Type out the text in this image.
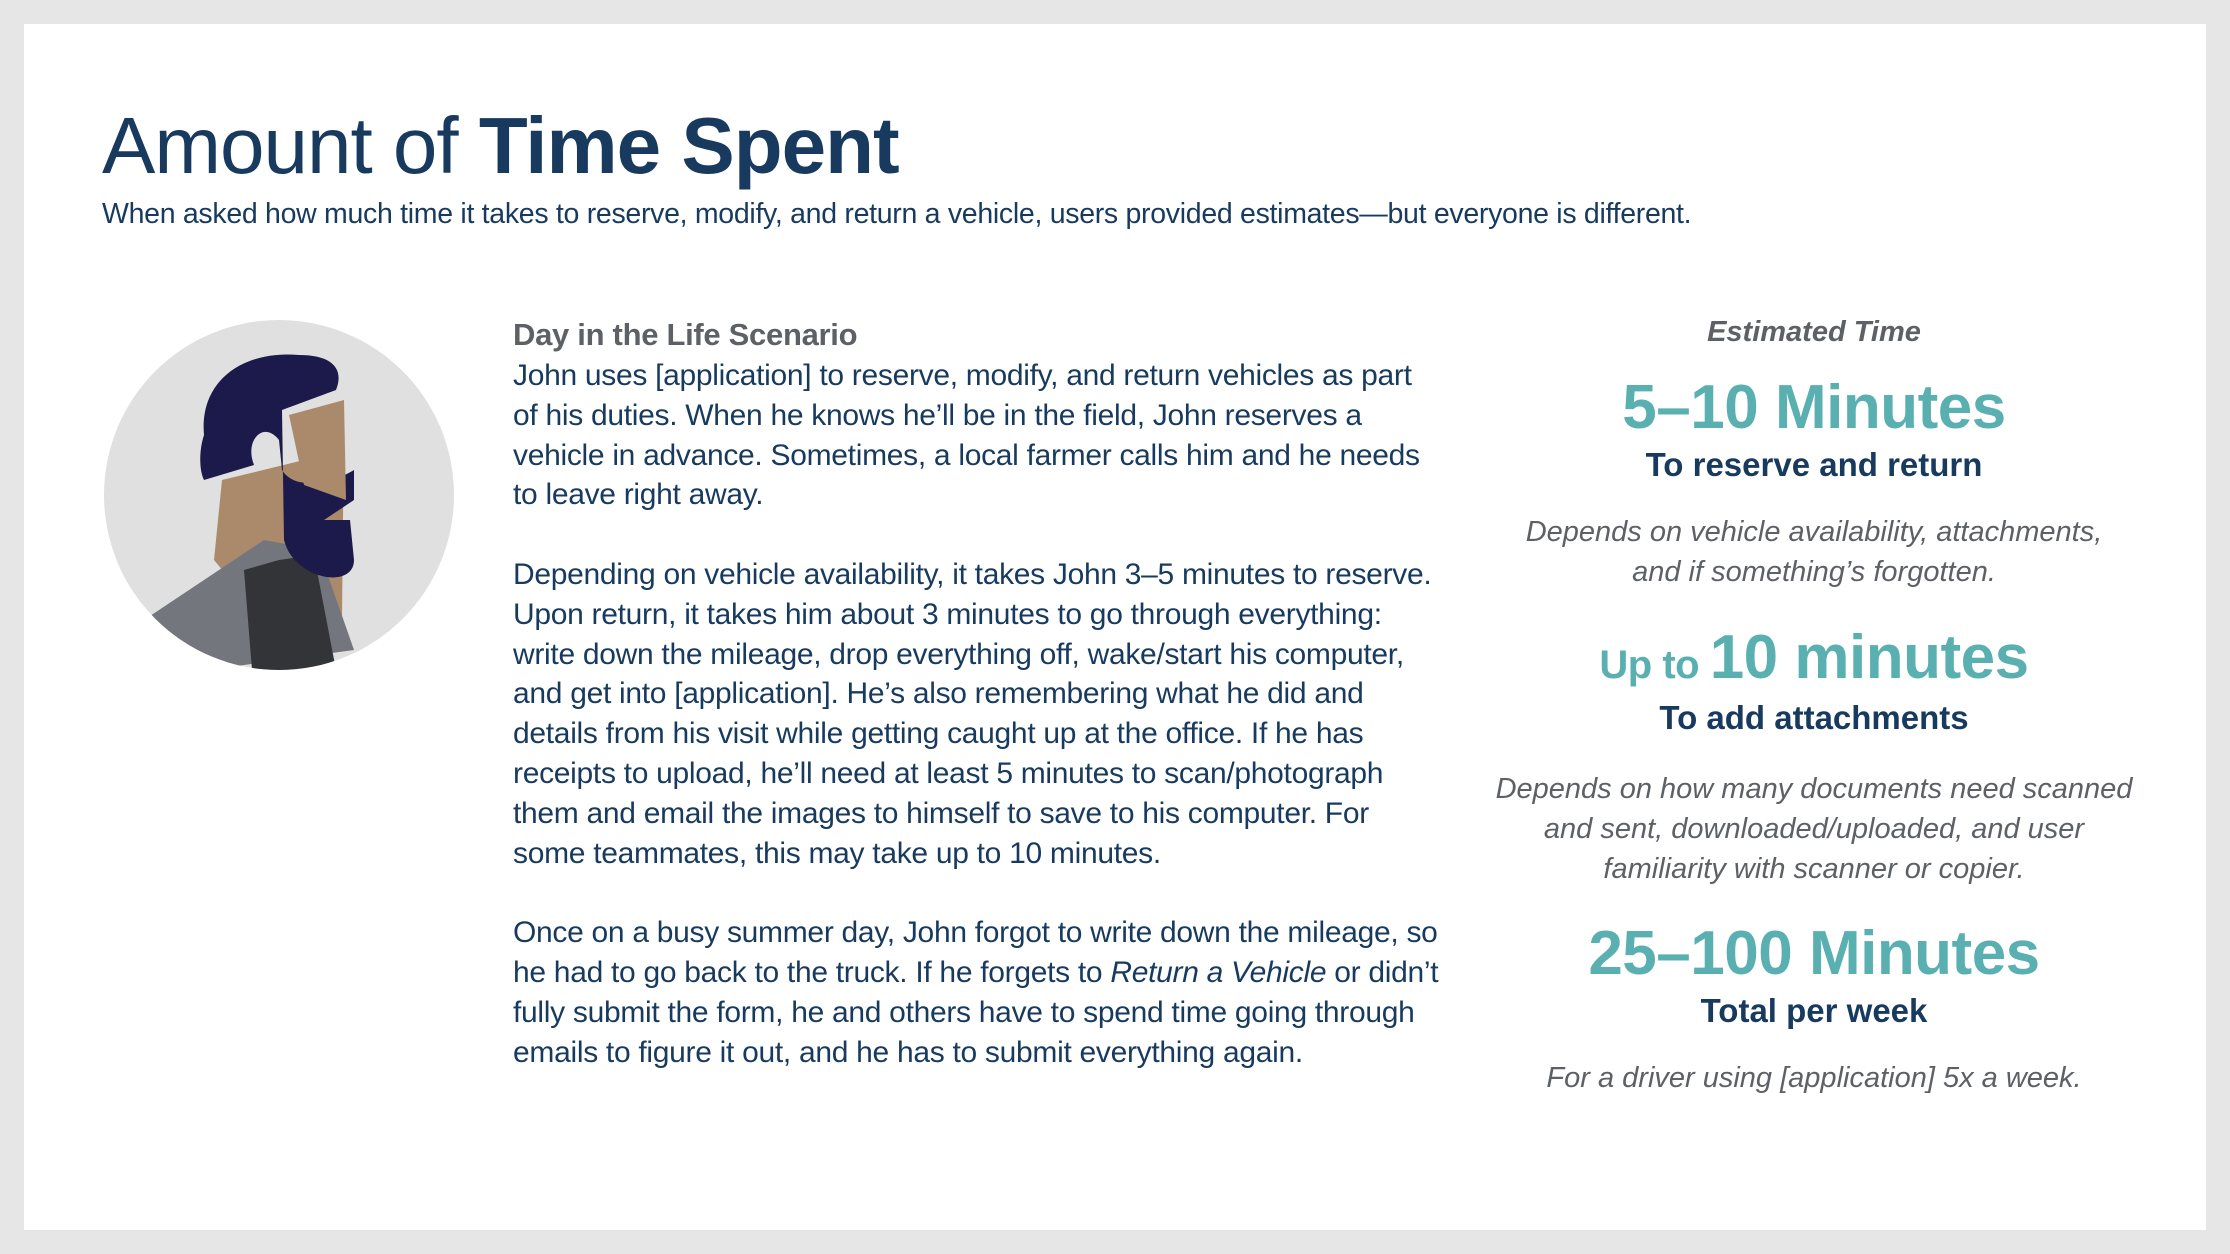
Amount of Time Spent
When asked how much time it takes to reserve, modify, and return a vehicle, users provided estimates—but everyone is different.
Day in the Life Scenario

John uses [application] to reserve, modify, and return vehicles as part of his duties. When he knows he’ll be in the field, John reserves a vehicle in advance. Sometimes, a local farmer calls him and he needs to leave right away.

Depending on vehicle availability, it takes John 3–5 minutes to reserve. Upon return, it takes him about 3 minutes to go through everything: write down the mileage, drop everything off, wake/start his computer, and get into [application]. He’s also remembering what he did and details from his visit while getting caught up at the office. If he has receipts to upload, he’ll need at least 5 minutes to scan/photograph them and email the images to himself to save to his computer. For some teammates, this may take up to 10 minutes.

Once on a busy summer day, John forgot to write down the mileage, so he had to go back to the truck. If he forgets to Return a Vehicle or didn’t fully submit the form, he and others have to spend time going through emails to figure it out, and he has to submit everything again.

Estimated Time
5–10 Minutes
To reserve and return
Depends on vehicle availability, attachments, and if something’s forgotten.
Up to 10 minutes
To add attachments
Depends on how many documents need scanned and sent, downloaded/uploaded, and user familiarity with scanner or copier.
25–100 Minutes
Total per week
For a driver using [application] 5x a week.
